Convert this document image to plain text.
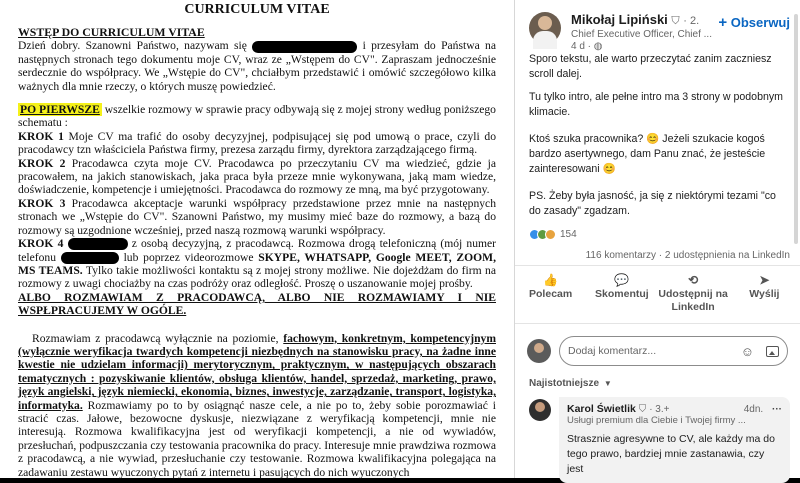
CURRICULUM VITAE
WSTĘP DO CURRICULUM VITAE

Dzień dobry. Szanowni Państwo, nazywam się	i przesyłam do Państwa na następnych stronach tego dokumentu moje CV, wraz ze „Wstępem do CV". Zapraszam jednocześnie serdecznie do współpracy. We „Wstępie do CV", chciałbym przedstawić i omówić szczegółowo kilka ważnych dla mnie rzeczy, o których muszę powiedzieć.

PO PIERWSZE wszelkie rozmowy w sprawie pracy odbywają się z mojej strony według poniższego schematu :

KROK 1 Moje CV ma trafić do osoby decyzyjnej, podpisującej się pod umową o prace, czyli do pracodawcy tzn właściciela Państwa firmy, prezesa zarządu firmy, dyrektora zarządzającego firmą.

KROK 2 Pracodawca czyta moje CV. Pracodawca po przeczytaniu CV ma wiedzieć, gdzie ja pracowałem, na jakich stanowiskach, jaka praca była przeze mnie wykonywana, jaką mam wiedze, doświadczenie, kompetencje i umiejętności. Pracodawca do rozmowy ze mną, ma być przygotowany.

KROK 3 Pracodawca akceptacje warunki współpracy przedstawione przez mnie na następnych stronach we „Wstępie do CV". Szanowni Państwo, my musimy mieć baze do rozmowy, a bazą do rozmowy są uzgodnione wcześniej, przed naszą rozmową warunki współpracy.

KROK 4	z osobą decyzyjną, z pracodawcą. Rozmowa drogą telefoniczną (mój numer telefonu	lub poprzez videorozmowe SKYPE, WHATSAPP, Google MEET, ZOOM, MS TEAMS. Tylko takie możliwości kontaktu są z mojej strony możliwe. Nie dojeżdżam do firm na rozmowy z uwagi chociażby na czas podróży oraz odległość. Proszę o uszanowanie mojej prośby.

ALBO ROZMAWIAM Z PRACODAWCĄ, ALBO NIE ROZMAWIAMY I NIE WSPŁPRACUJEMY W OGÓLE.

Rozmawiam z pracodawcą wyłącznie na poziomie, fachowym, konkretnym, kompetencyjnym (wyłącznie weryfikacja twardych kompetencji niezbędnych na stanowisku pracy, na żadne inne kwestie nie udzielam informacji) merytorycznym, praktycznym, w następujących obszarach tematycznych : pozyskiwanie klientów, obsługa klientów, handel, sprzedaż, marketing, prawo, język angielski, język niemiecki, ekonomia, biznes, inwestycje, zarządzanie, transport, logistyka, informatyka. Rozmawiamy po to by osiągnąć nasze cele, a nie po to, żeby sobie porozmawiać i stracić czas. Jałowe, bezowocne dyskusje, niezwiązane z weryfikacją kompetencji, mnie nie interesują. Rozmowa kwalifikacyjna jest od weryfikacji kompetencji, a nie od wywiadów, przesłuchań, podpuszczania czy testowania pracownika do pracy. Interesuje mnie prawdziwa rozmowa z pracodawcą, a nie wywiad, przesłuchanie czy testowanie. Rozmowa kwalifikacyjna polegająca na zadawaniu zestawu wyuczonych pytań z internetu i pasujących do nich wyuczonych

Mikołaj Lipiński ⛉ · 2.
Chief Executive Officer, Chief ...
4 d · ◍
+ Obserwuj

Sporo tekstu, ale warto przeczytać zanim zaczniesz scroll dalej.

Tu tylko intro, ale pełne intro ma 3 strony w podobnym klimacie.

Ktoś szuka pracownika? 😊 Jeżeli szukacie kogoś bardzo asertywnego, dam Panu znać, że jesteście zainteresowani 😊

PS. Żeby była jasność, ja się z niektórymi tezami "co do zasady" zgadzam.

154
116 komentarzy · 2 udostępnienia na LinkedIn
👍
Polecam
💬
Skomentuj
⟲
Udostępnij na LinkedIn
➤
Wyślij
Dodaj komentarz...	☺
Najistotniejsze ▼
Karol Świetlik ⛉ · 3.+	4dn. ···
Usługi premium dla Ciebie i Twojej firmy ...
Strasznie agresywne to CV, ale każdy ma do tego prawo, bardziej mnie zastanawia, czy jest
